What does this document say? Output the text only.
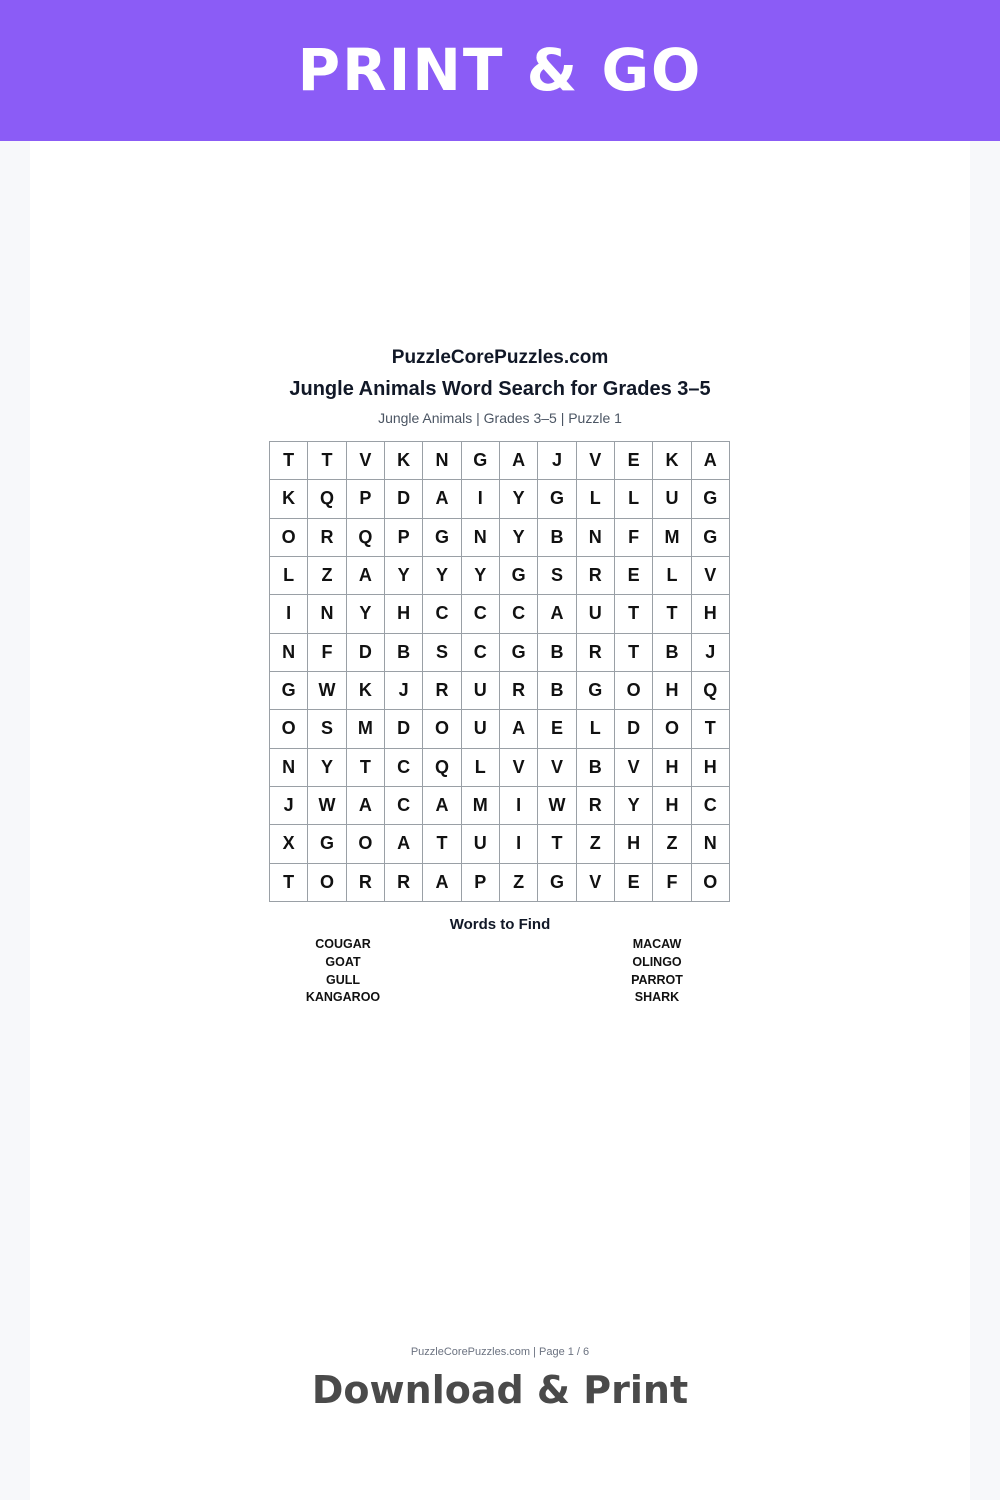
PRINT & GO
PuzzleCorePuzzles.com
Jungle Animals Word Search for Grades 3–5
Jungle Animals | Grades 3–5 | Puzzle 1
T	T	V	K	N	G	A	J	V	E	K	A
K	Q	P	D	A	I	Y	G	L	L	U	G
O	R	Q	P	G	N	Y	B	N	F	M	G
L	Z	A	Y	Y	Y	G	S	R	E	L	V
I	N	Y	H	C	C	C	A	U	T	T	H
N	F	D	B	S	C	G	B	R	T	B	J
G	W	K	J	R	U	R	B	G	O	H	Q
O	S	M	D	O	U	A	E	L	D	O	T
N	Y	T	C	Q	L	V	V	B	V	H	H
J	W	A	C	A	M	I	W	R	Y	H	C
X	G	O	A	T	U	I	T	Z	H	Z	N
T	O	R	R	A	P	Z	G	V	E	F	O
Words to Find
COUGAR
GOAT
GULL
KANGAROO
MACAW
OLINGO
PARROT
SHARK
PuzzleCorePuzzles.com | Page 1 / 6
Download & Print
